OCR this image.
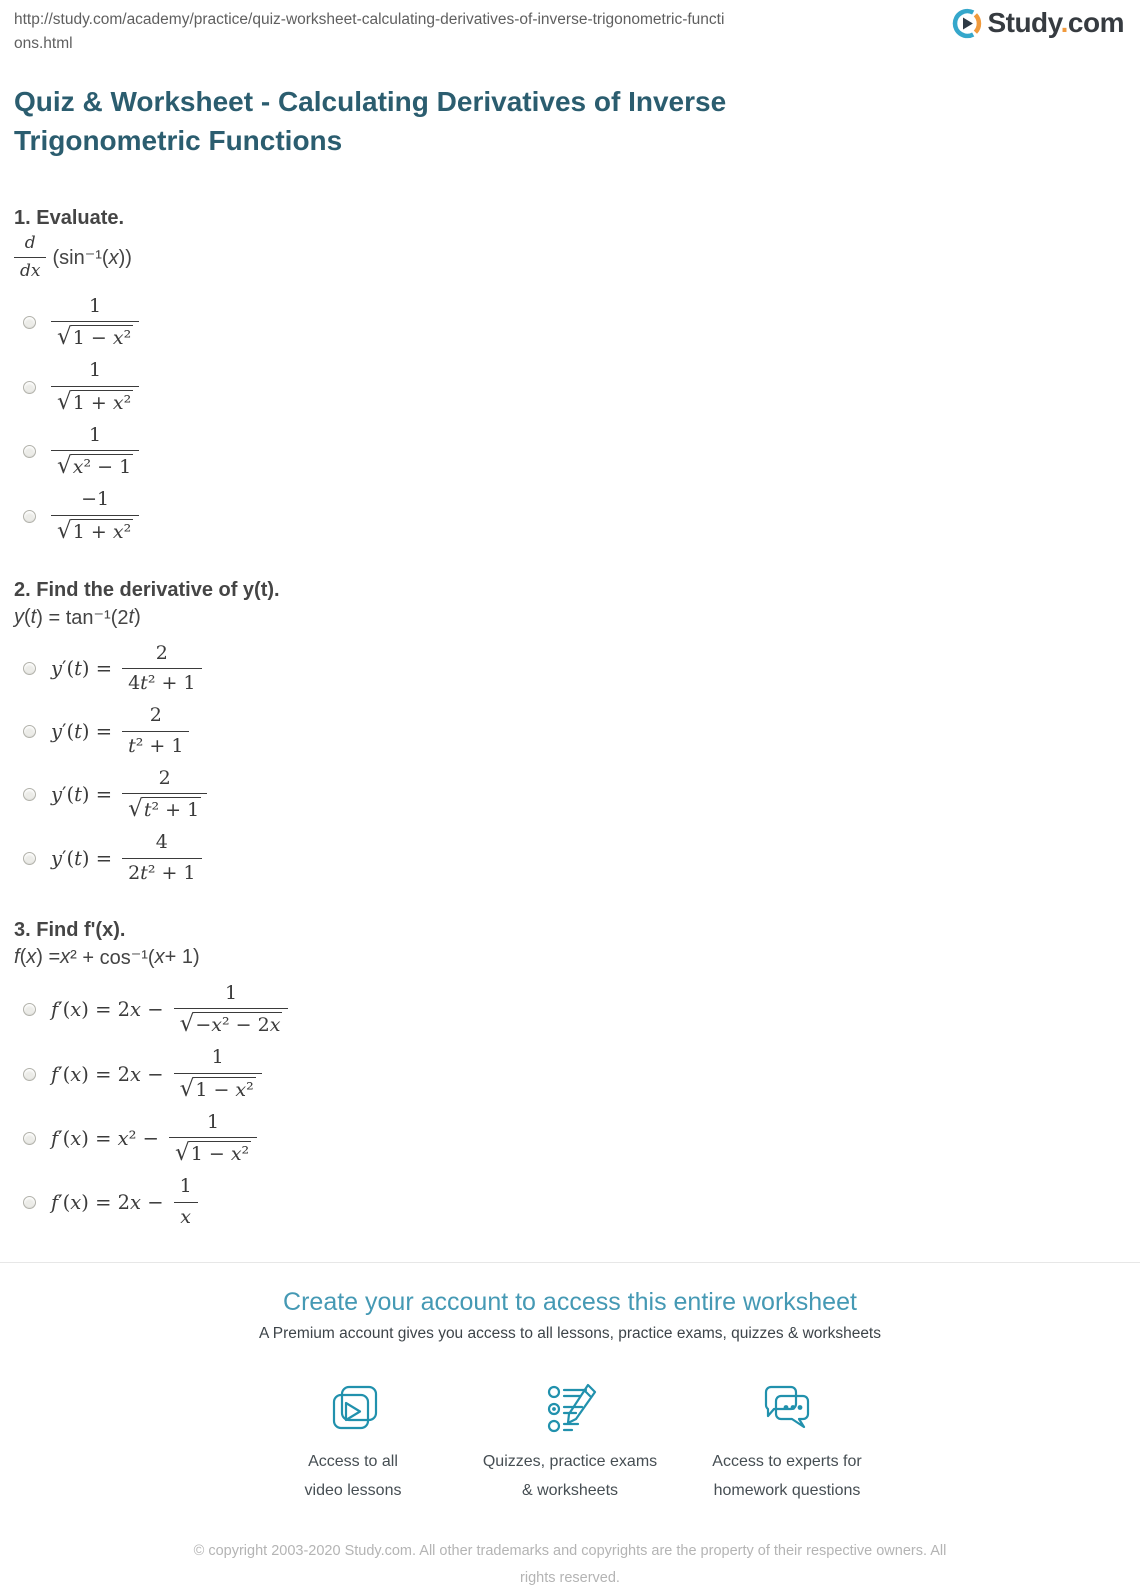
http://study.com/academy/practice/quiz-worksheet-calculating-derivatives-of-inverse-trigonometric-functions.html
Study.com
Quiz & Worksheet - Calculating Derivatives of Inverse Trigonometric Functions
1. Evaluate.
$\frac{d}{dx} (\sin^{-1}(x))$
$\frac{1}{\text{√1 − x²}}$
$\frac{1}{\text{√1 + x²}}$
$\frac{1}{\text{√x² − 1}}$
$\frac{-1}{\text{√1 + x²}}$
2. Find the derivative of y(t).
y ( t ) = tan⁻¹(2 t )
$y'(t) = \frac{2}{\text{4t² + 1}}$
$y'(t) = \frac{2}{\text{t² + 1}}$
$y'(t) = \frac{2}{\text{√t² + 1}}$
$y'(t) = \frac{4}{\text{2t² + 1}}$
3. Find f'(x).
f ( x ) = x ² + cos⁻¹( x + 1)
$f'(x) = 2x - \frac{1}{\text{√−x² − 2x}}$
$f'(x) = 2x - \frac{1}{\text{√1 − x²}}$
$f'(x) = x^2 - \frac{1}{\text{√1 − x²}}$
$f'(x) = 2x - \frac{1}{x}$
Create your account to access this entire worksheet
A Premium account gives you access to all lessons, practice exams, quizzes & worksheets
Access to all
video lessons
Quizzes, practice exams
& worksheets
Access to experts for
homework questions
© copyright 2003-2020 Study.com. All other trademarks and copyrights are the property of their respective owners. All rights reserved.
